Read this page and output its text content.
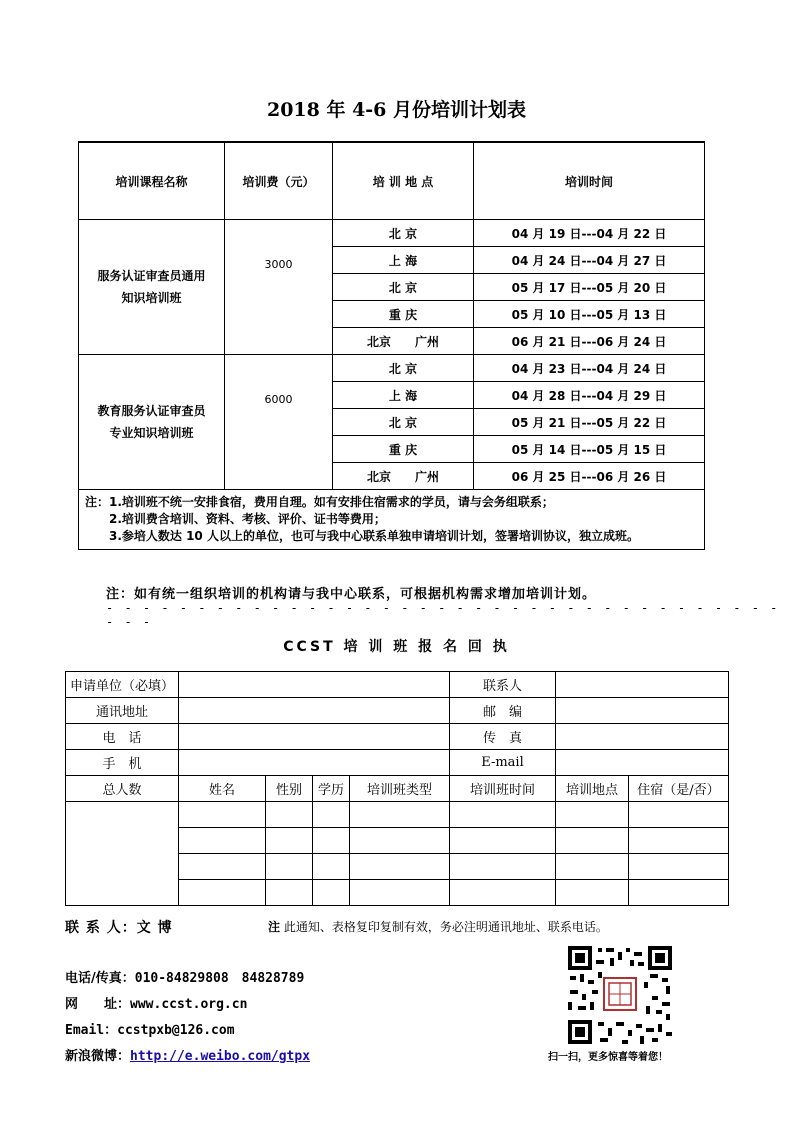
2018 年 4-6 月份培训计划表
培训课程名称	培训费（元）	培 训 地 点	培训时间

服务认证审查员通用
知识培训班	3000	北 京	04 月 19 日---04 月 22 日
		上 海	04 月 24 日---04 月 27 日
		北 京	05 月 17 日---05 月 20 日
		重 庆	05 月 10 日---05 月 13 日
		北京　　广州	06 月 21 日---06 月 24 日

教育服务认证审查员
专业知识培训班	6000	北 京	04 月 23 日---04 月 24 日
		上 海	04 月 28 日---04 月 29 日
		北 京	05 月 21 日---05 月 22 日
		重 庆	05 月 14 日---05 月 15 日
		北京　　广州	06 月 25 日---06 月 26 日

注：1.培训班不统一安排食宿，费用自理。如有安排住宿需求的学员，请与会务组联系；
2.培训费含培训、资料、考核、评价、证书等费用；
3.参培人数达 10 人以上的单位，也可与我中心联系单独申请培训计划，签署培训协议，独立成班。			
注：如有统一组织培训的机构请与我中心联系，可根据机构需求增加培训计划。
- - - - - - - - - - - - - - - - - - - - - - - - - - - - - - - - - - - - - - - -
CCST 培 训 班 报 名 回 执
申请单位（必填）					联系人		
通讯地址					邮　编		
电　话					传　真		
手　机					E-mail		
总人数	姓名	性别	学历	培训班类型	培训班时间	培训地点	住宿（是/否）

联 系 人：文 博	注 此通知、表格复印复制有效，务必注明通讯地址、联系电话。
电话/传真：010-84829808　84828789
网　　址：www.ccst.org.cn
Email：ccstpxb@126.com
新浪微博：http://e.weibo.com/gtpx	扫一扫，更多惊喜等着您！
